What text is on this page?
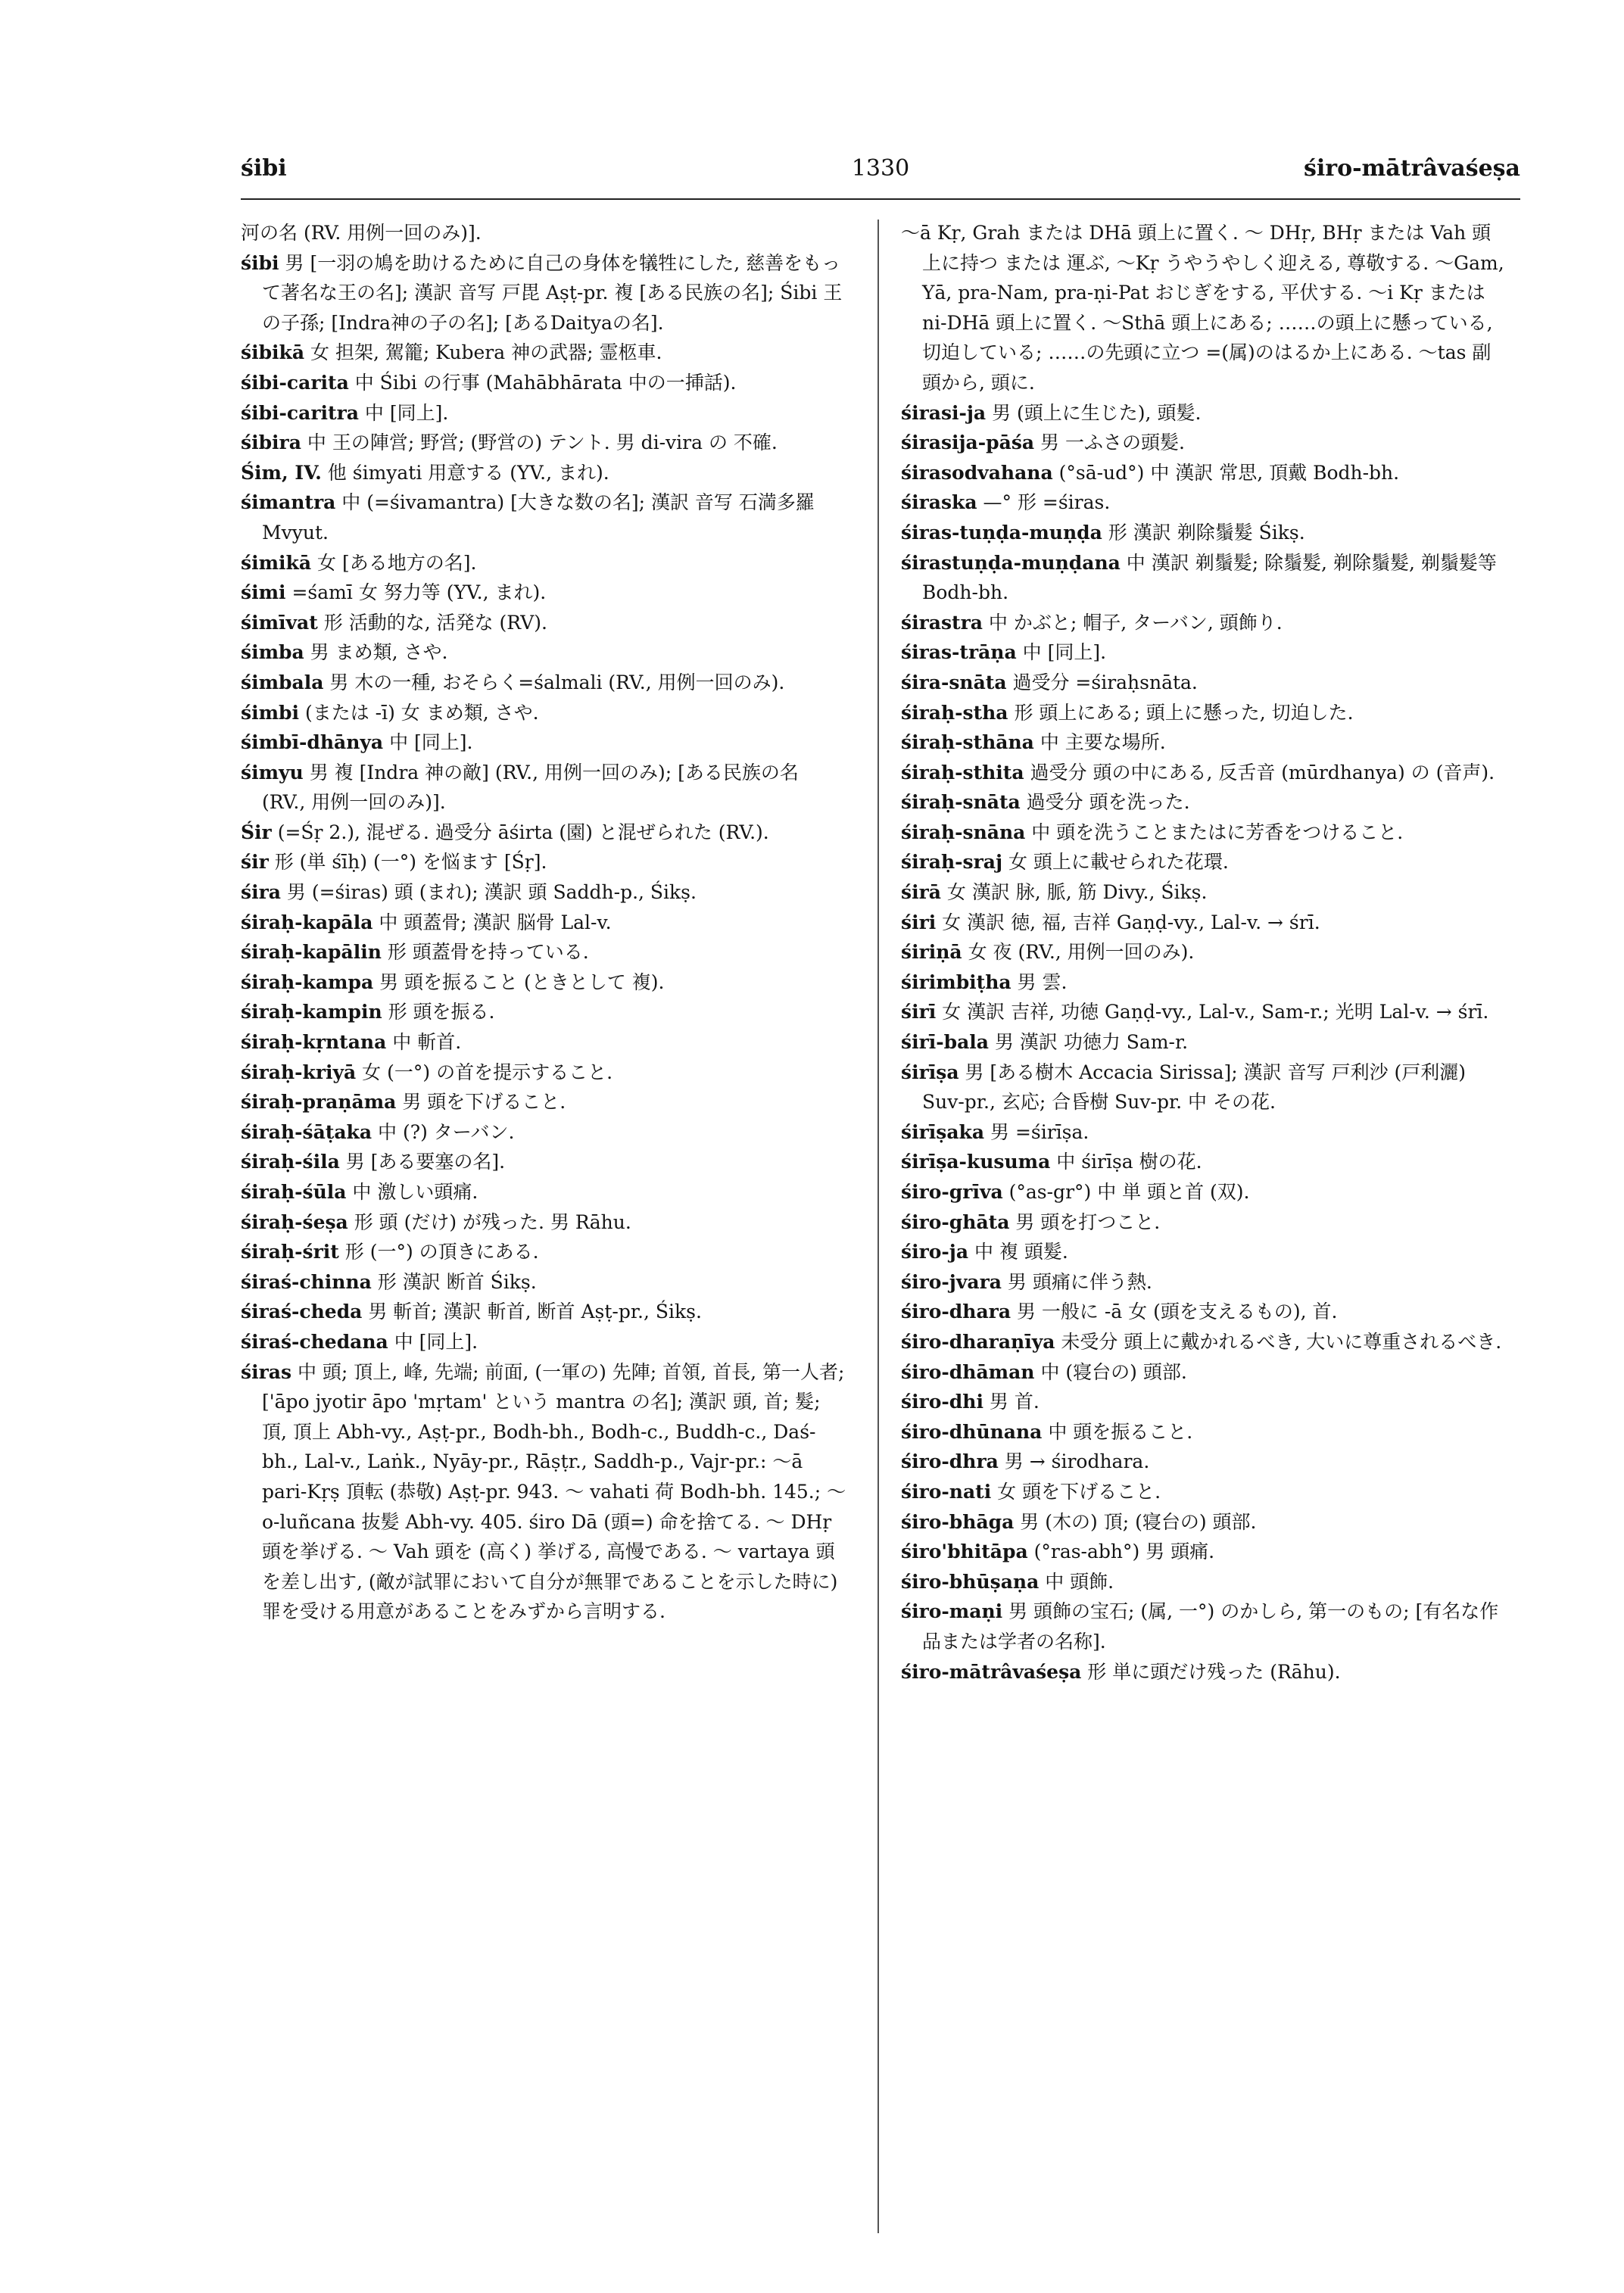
śibi	1330	śiro-mātrâvaśeṣa

河の名 (RV. 用例一回のみ)].

śibi 男 [一羽の鳩を助けるために自己の身体を犠牲にした, 慈善をもって著名な王の名]; 漢訳 音写 戸毘 Aṣṭ-pr. 複 [ある民族の名]; Śibi 王の子孫; [Indra神の子の名]; [あるDaityaの名].

śibikā 女 担架, 駕籠; Kubera 神の武器; 霊柩車.

śibi-carita 中 Śibi の行事 (Mahābhārata 中の一挿話).

śibi-caritra 中 [同上].

śibira 中 王の陣営; 野営; (野営の) テント. 男 di-vira の 不確.

Śim, IV. 他 śimyati 用意する (YV., まれ).

śimantra 中 (=śivamantra) [大きな数の名]; 漢訳 音写 石満多羅 Mvyut.

śimikā 女 [ある地方の名].

śimi =śamī 女 努力等 (YV., まれ).

śimīvat 形 活動的な, 活発な (RV).

śimba 男 まめ類, さや.

śimbala 男 木の一種, おそらく=śalmali (RV., 用例一回のみ).

śimbi (または -ī) 女 まめ類, さや.

śimbī-dhānya 中 [同上].

śimyu 男 複 [Indra 神の敵] (RV., 用例一回のみ); [ある民族の名 (RV., 用例一回のみ)].

Śir (=Śṛ 2.), 混ぜる. 過受分 āśirta (園) と混ぜられた (RV.).

śir 形 (単 śīḥ) (一°) を悩ます [Śṛ].

śira 男 (=śiras) 頭 (まれ); 漢訳 頭 Saddh-p., Śikṣ.

śiraḥ-kapāla 中 頭蓋骨; 漢訳 脳骨 Lal-v.

śiraḥ-kapālin 形 頭蓋骨を持っている.

śiraḥ-kampa 男 頭を振ること (ときとして 複).

śiraḥ-kampin 形 頭を振る.

śiraḥ-kṛntana 中 斬首.

śiraḥ-kriyā 女 (一°) の首を提示すること.

śiraḥ-praṇāma 男 頭を下げること.

śiraḥ-śāṭaka 中 (?) ターバン.

śiraḥ-śila 男 [ある要塞の名].

śiraḥ-śūla 中 激しい頭痛.

śiraḥ-śeṣa 形 頭 (だけ) が残った. 男 Rāhu.

śiraḥ-śrit 形 (一°) の頂きにある.

śiraś-chinna 形 漢訳 断首 Śikṣ.

śiraś-cheda 男 斬首; 漢訳 斬首, 断首 Aṣṭ-pr., Śikṣ.

śiraś-chedana 中 [同上].

śiras 中 頭; 頂上, 峰, 先端; 前面, (一軍の) 先陣; 首領, 首長, 第一人者; ['āpo jyotir āpo 'mṛtam' という mantra の名]; 漢訳 頭, 首; 髮; 頂, 頂上 Abh-vy., Aṣṭ-pr., Bodh-bh., Bodh-c., Buddh-c., Daś-bh., Lal-v., Laṅk., Nyāy-pr., Rāṣṭr., Saddh-p., Vajr-pr.: ～ā pari-Kṛṣ 頂転 (恭敬) Aṣṭ-pr. 943. ～ vahati 荷 Bodh-bh. 145.; ～o-luñcana 抜髪 Abh-vy. 405. śiro Dā (頭=) 命を捨てる. ～ DHṛ 頭を挙げる. ～ Vah 頭を (高く) 挙げる, 高慢である. ～ vartaya 頭を差し出す, (敵が試罪において自分が無罪であることを示した時に) 罪を受ける用意があることをみずから言明する.

～ā Kṛ, Grah または DHā 頭上に置く. ～ DHṛ, BHṛ または Vah 頭上に持つ または 運ぶ, ～Kṛ うやうやしく迎える, 尊敬する. ～Gam, Yā, pra-Nam, pra-ṇi-Pat おじぎをする, 平伏する. ～i Kṛ または ni-DHā 頭上に置く. ～Sthā 頭上にある; ……の頭上に懸っている, 切迫している; ……の先頭に立つ =(属)のはるか上にある. ～tas 副 頭から, 頭に.

śirasi-ja 男 (頭上に生じた), 頭髪.

śirasija-pāśa 男 一ふさの頭髪.

śirasodvahana (°sā-ud°) 中 漢訳 常思, 頂戴 Bodh-bh.

śiraska —° 形 =śiras.

śiras-tuṇḍa-muṇḍa 形 漢訳 剃除鬚髮 Śikṣ.

śirastuṇḍa-muṇḍana 中 漢訳 剃鬚髮; 除鬚髮, 剃除鬚髮, 剃鬚髮等 Bodh-bh.

śirastra 中 かぶと; 帽子, ターバン, 頭飾り.

śiras-trāṇa 中 [同上].

śira-snāta 過受分 =śiraḥsnāta.

śiraḥ-stha 形 頭上にある; 頭上に懸った, 切迫した.

śiraḥ-sthāna 中 主要な場所.

śiraḥ-sthita 過受分 頭の中にある, 反舌音 (mūrdhanya) の (音声).

śiraḥ-snāta 過受分 頭を洗った.

śiraḥ-snāna 中 頭を洗うことまたはに芳香をつけること.

śiraḥ-sraj 女 頭上に載せられた花環.

śirā 女 漢訳 脉, 脈, 筋 Divy., Śikṣ.

śiri 女 漢訳 徳, 福, 吉祥 Gaṇḍ-vy., Lal-v. → śrī.

śiriṇā 女 夜 (RV., 用例一回のみ).

śirimbiṭha 男 雲.

śirī 女 漢訳 吉祥, 功徳 Gaṇḍ-vy., Lal-v., Sam-r.; 光明 Lal-v. → śrī.

śirī-bala 男 漢訳 功徳力 Sam-r.

śirīṣa 男 [ある樹木 Accacia Sirissa]; 漢訳 音写 戸利沙 (戸利灑) Suv-pr., 玄応; 合昏樹 Suv-pr. 中 その花.

śirīṣaka 男 =śirīṣa.

śirīṣa-kusuma 中 śirīṣa 樹の花.

śiro-grīva (°as-gr°) 中 単 頭と首 (双).

śiro-ghāta 男 頭を打つこと.

śiro-ja 中 複 頭髮.

śiro-jvara 男 頭痛に伴う熱.

śiro-dhara 男 一般に -ā 女 (頭を支えるもの), 首.

śiro-dharaṇīya 未受分 頭上に戴かれるべき, 大いに尊重されるべき.

śiro-dhāman 中 (寝台の) 頭部.

śiro-dhi 男 首.

śiro-dhūnana 中 頭を振ること.

śiro-dhra 男 → śirodhara.

śiro-nati 女 頭を下げること.

śiro-bhāga 男 (木の) 頂; (寝台の) 頭部.

śiro'bhitāpa (°ras-abh°) 男 頭痛.

śiro-bhūṣaṇa 中 頭飾.

śiro-maṇi 男 頭飾の宝石; (属, 一°) のかしら, 第一のもの; [有名な作品または学者の名称].

śiro-mātrâvaśeṣa 形 単に頭だけ残った (Rāhu).
